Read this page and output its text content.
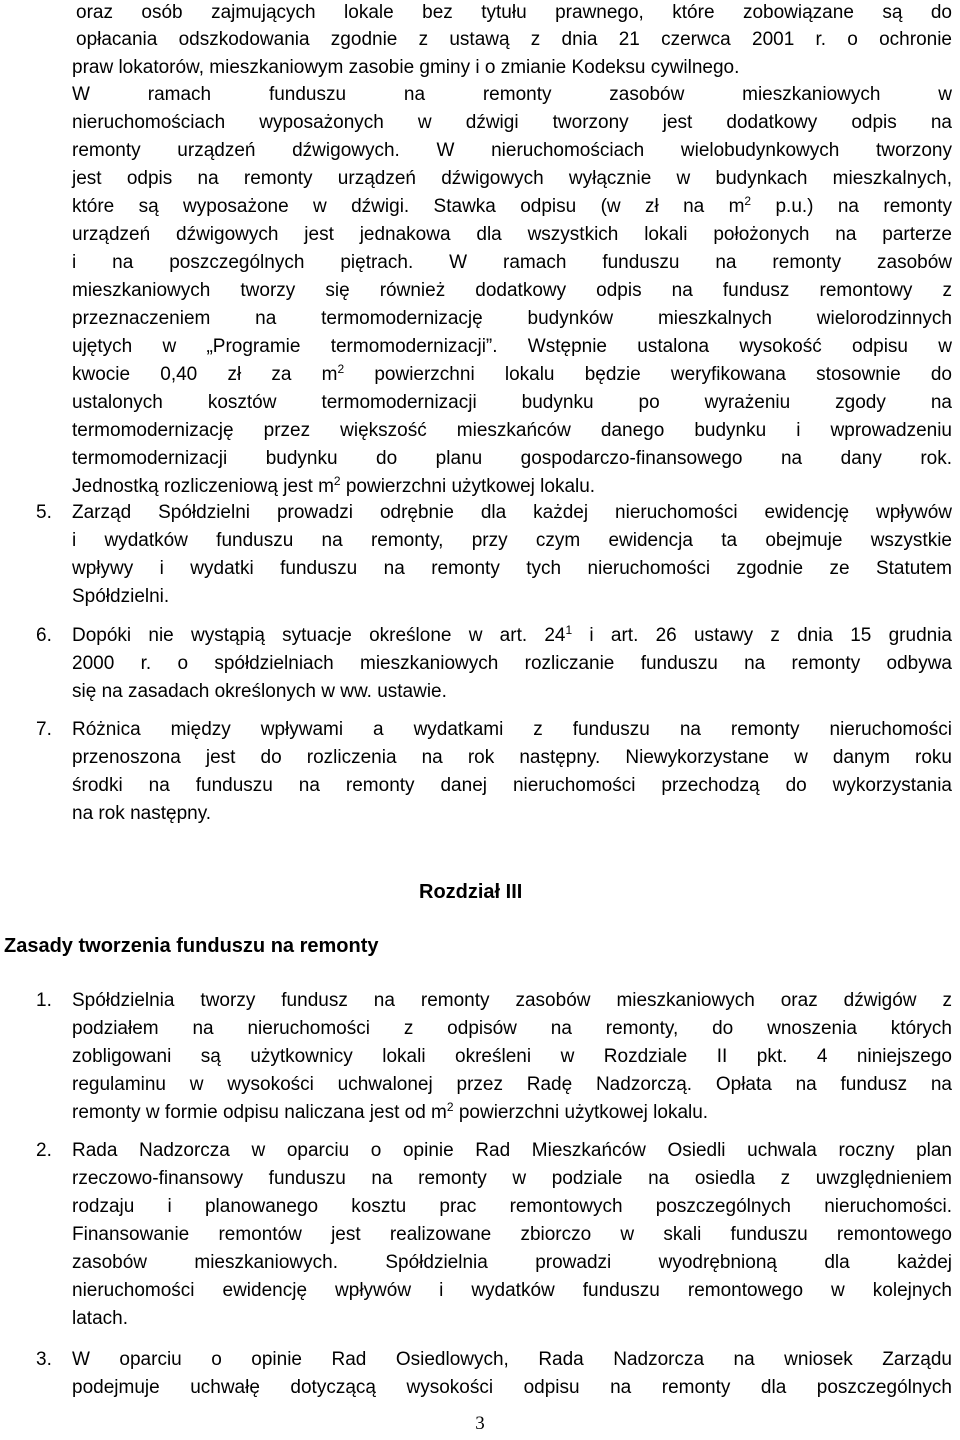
oraz osób zajmujących lokale bez tytułu prawnego, które zobowiązane są do
opłacania odszkodowania zgodnie z ustawą z dnia 21 czerwca 2001 r. o ochronie
praw lokatorów, mieszkaniowym zasobie gminy i o zmianie Kodeksu cywilnego.
W ramach funduszu na remonty zasobów mieszkaniowych w
nieruchomościach wyposażonych w dźwigi tworzony jest dodatkowy odpis na
remonty urządzeń dźwigowych. W nieruchomościach wielobudynkowych tworzony
jest odpis na remonty urządzeń dźwigowych wyłącznie w budynkach mieszkalnych,
które są wyposażone w dźwigi. Stawka odpisu (w zł na $m^2$ p.u.) na remonty
urządzeń dźwigowych jest jednakowa dla wszystkich lokali położonych na parterze
i na poszczególnych piętrach. W ramach funduszu na remonty zasobów
mieszkaniowych tworzy się również dodatkowy odpis na fundusz remontowy z
przeznaczeniem na termomodernizację budynków mieszkalnych wielorodzinnych
ujętych w „Programie termomodernizacji”. Wstępnie ustalona wysokość odpisu w
kwocie 0,40 zł za $m^2$ powierzchni lokalu będzie weryfikowana stosownie do
ustalonych kosztów termomodernizacji budynku po wyrażeniu zgody na
termomodernizację przez większość mieszkańców danego budynku i wprowadzeniu
termomodernizacji budynku do planu gospodarczo-finansowego na dany rok.
Jednostką rozliczeniową jest $m^2$ powierzchni użytkowej lokalu.
5. Zarząd Spółdzielni prowadzi odrębnie dla każdej nieruchomości ewidencję wpływów
i wydatków funduszu na remonty, przy czym ewidencja ta obejmuje wszystkie
wpływy i wydatki funduszu na remonty tych nieruchomości zgodnie ze Statutem
Spółdzielni.
6. Dopóki nie wystąpią sytuacje określone w art. $24^1$ i art. 26 ustawy z dnia 15 grudnia
2000 r. o spółdzielniach mieszkaniowych rozliczanie funduszu na remonty odbywa
się na zasadach określonych w ww. ustawie.
7. Różnica między wpływami a wydatkami z funduszu na remonty nieruchomości
przenoszona jest do rozliczenia na rok następny. Niewykorzystane w danym roku
środki na funduszu na remonty danej nieruchomości przechodzą do wykorzystania
na rok następny.
Rozdział III
Zasady tworzenia funduszu na remonty
1. Spółdzielnia tworzy fundusz na remonty zasobów mieszkaniowych oraz dźwigów z
podziałem na nieruchomości z odpisów na remonty, do wnoszenia których
zobligowani są użytkownicy lokali określeni w Rozdziale II pkt. 4 niniejszego
regulaminu w wysokości uchwalonej przez Radę Nadzorczą. Opłata na fundusz na
remonty w formie odpisu naliczana jest od $m^2$ powierzchni użytkowej lokalu.
2. Rada Nadzorcza w oparciu o opinie Rad Mieszkańców Osiedli uchwala roczny plan
rzeczowo-finansowy funduszu na remonty w podziale na osiedla z uwzględnieniem
rodzaju i planowanego kosztu prac remontowych poszczególnych nieruchomości.
Finansowanie remontów jest realizowane zbiorczo w skali funduszu remontowego
zasobów mieszkaniowych. Spółdzielnia prowadzi wyodrębnioną dla każdej
nieruchomości ewidencję wpływów i wydatków funduszu remontowego w kolejnych
latach.
3. W oparciu o opinie Rad Osiedlowych, Rada Nadzorcza na wniosek Zarządu
podejmuje uchwałę dotyczącą wysokości odpisu na remonty dla poszczególnych
3
